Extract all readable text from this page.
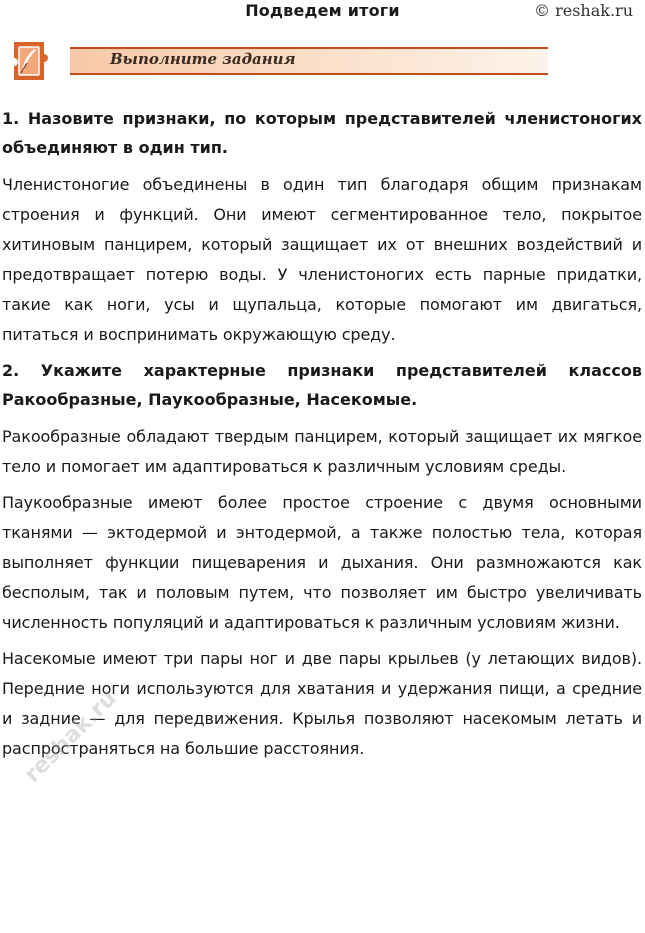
Подведем итоги	© reshak.ru
Выполните задания

1. Назовите признаки, по которым представителей членистоногих объединяют в один тип.

Членистоногие объединены в один тип благодаря общим признакам строения и функций. Они имеют сегментированное тело, покрытое хитиновым панцирем, который защищает их от внешних воздействий и предотвращает потерю воды. У членистоногих есть парные придатки, такие как ноги, усы и щупальца, которые помогают им двигаться, питаться и воспринимать окружающую среду.

2. Укажите характерные признаки представителей классов Ракообразные, Паукообразные, Насекомые.

Ракообразные обладают твердым панцирем, который защищает их мягкое тело и помогает им адаптироваться к различным условиям среды.

Паукообразные имеют более простое строение с двумя основными тканями — эктодермой и энтодермой, а также полостью тела, которая выполняет функции пищеварения и дыхания. Они размножаются как бесполым, так и половым путем, что позволяет им быстро увеличивать численность популяций и адаптироваться к различным условиям жизни.

Насекомые имеют три пары ног и две пары крыльев (у летающих видов). Передние ноги используются для хватания и удержания пищи, а средние и задние — для передвижения. Крылья позволяют насекомым летать и распространяться на большие расстояния.

reshak.ru
